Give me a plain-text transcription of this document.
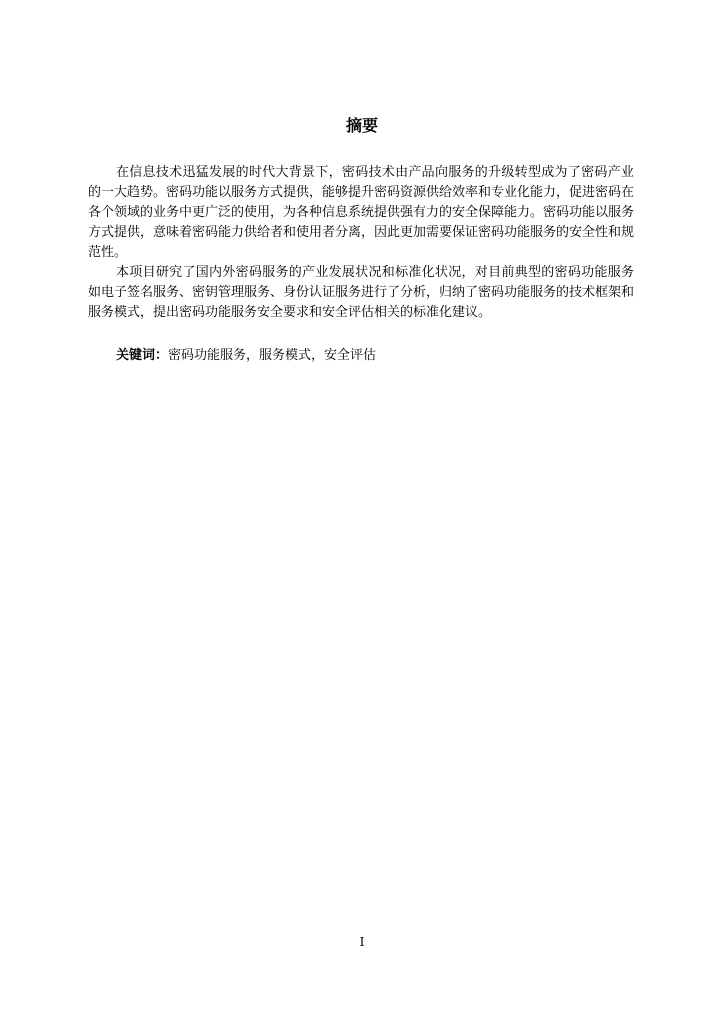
摘要

在信息技术迅猛发展的时代大背景下，密码技术由产品向服务的升级转型成为了密码产业的一大趋势。密码功能以服务方式提供，能够提升密码资源供给效率和专业化能力，促进密码在各个领域的业务中更广泛的使用，为各种信息系统提供强有力的安全保障能力。密码功能以服务方式提供，意味着密码能力供给者和使用者分离，因此更加需要保证密码功能服务的安全性和规范性。

本项目研究了国内外密码服务的产业发展状况和标准化状况，对目前典型的密码功能服务如电子签名服务、密钥管理服务、身份认证服务进行了分析，归纳了密码功能服务的技术框架和服务模式，提出密码功能服务安全要求和安全评估相关的标准化建议。

关键词：密码功能服务，服务模式，安全评估
I
